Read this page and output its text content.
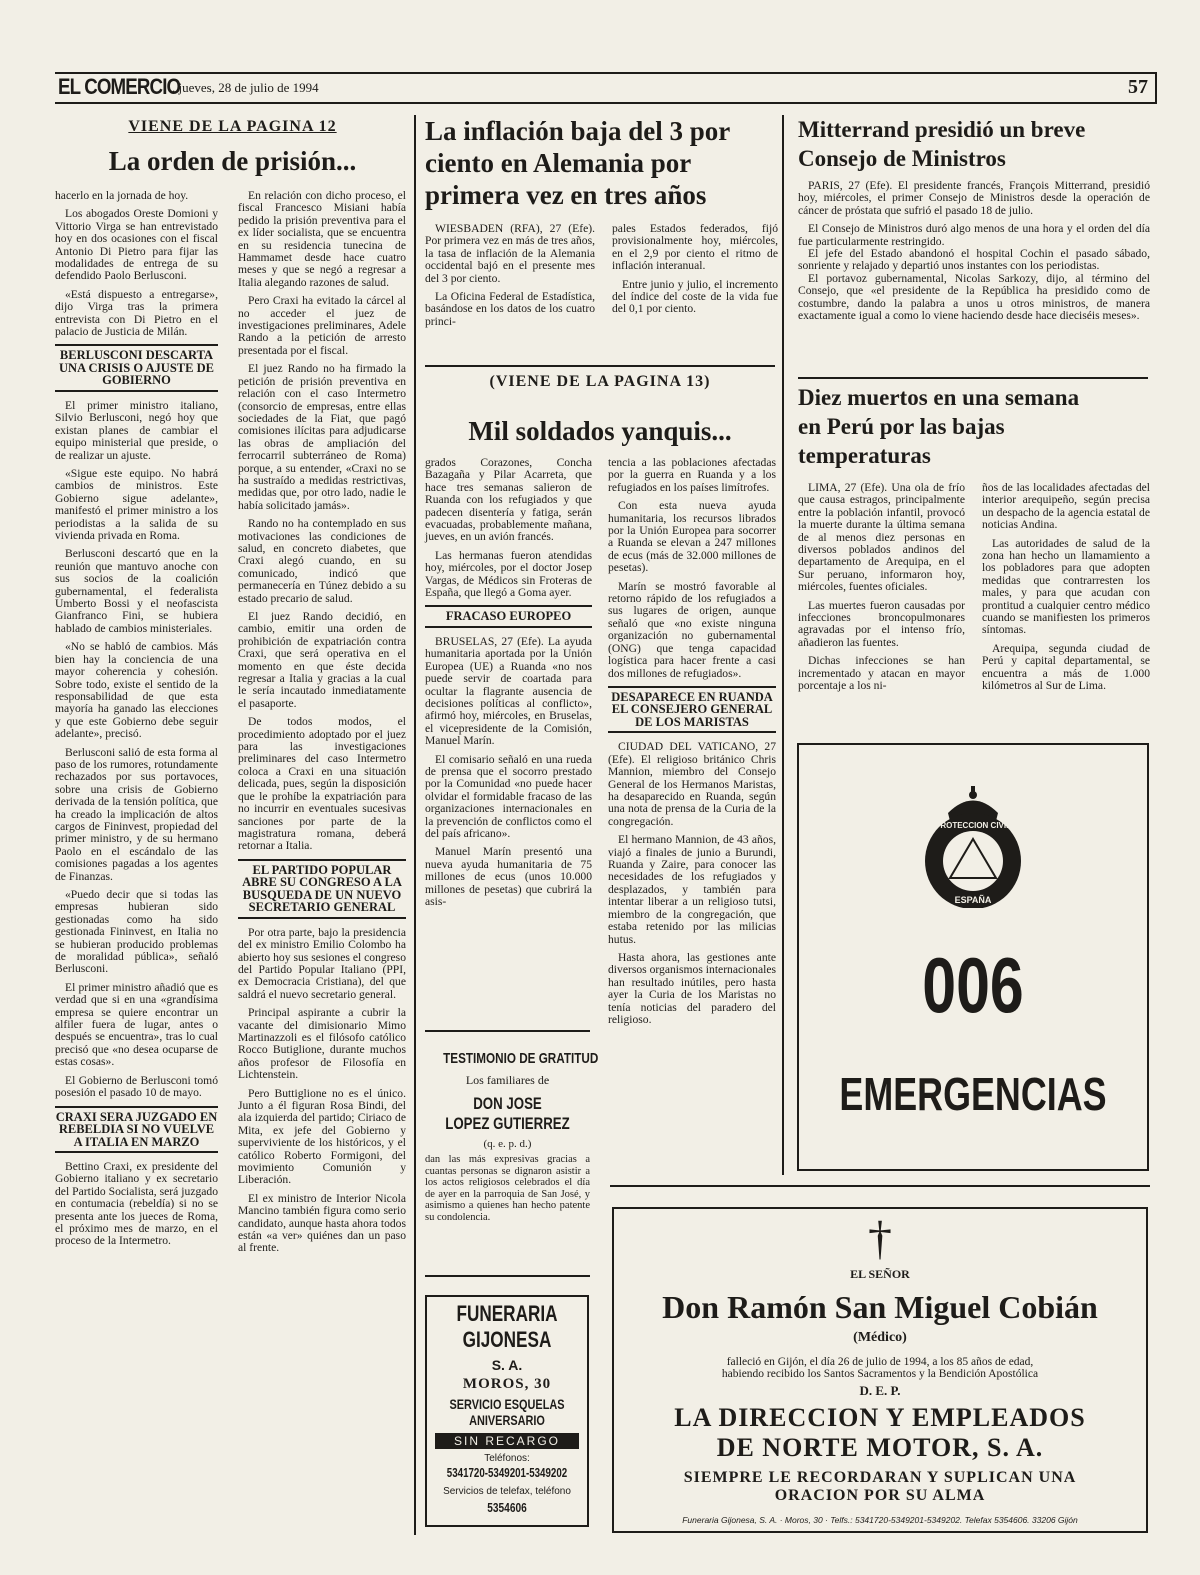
EL COMERCIO
. jueves, 28 de julio de 1994	57
VIENE DE LA PAGINA 12
La orden de prisión...

hacerlo en la jornada de hoy.

Los abogados Oreste Domioni y Vittorio Virga se han entrevistado hoy en dos ocasiones con el fiscal Antonio Di Pietro para fijar las modalidades de entrega de su defendido Paolo Berlusconi.

«Está dispuesto a entregarse», dijo Virga tras la primera entrevista con Di Pietro en el palacio de Justicia de Milán.

BERLUSCONI DESCARTA UNA CRISIS O AJUSTE DE GOBIERNO

El primer ministro italiano, Silvio Berlusconi, negó hoy que existan planes de cambiar el equipo ministerial que preside, o de realizar un ajuste.

«Sigue este equipo. No habrá cambios de ministros. Este Gobierno sigue adelante», manifestó el primer ministro a los periodistas a la salida de su vivienda privada en Roma.

Berlusconi descartó que en la reunión que mantuvo anoche con sus socios de la coalición gubernamental, el federalista Umberto Bossi y el neofascista Gianfranco Fini, se hubiera hablado de cambios ministeriales.

«No se habló de cambios. Más bien hay la conciencia de una mayor coherencia y cohesión. Sobre todo, existe el sentido de la responsabilidad de que esta mayoría ha ganado las elecciones y que este Gobierno debe seguir adelante», precisó.

Berlusconi salió de esta forma al paso de los rumores, rotundamente rechazados por sus portavoces, sobre una crisis de Gobierno derivada de la tensión política, que ha creado la implicación de altos cargos de Fininvest, propiedad del primer ministro, y de su hermano Paolo en el escándalo de las comisiones pagadas a los agentes de Finanzas.

«Puedo decir que si todas las empresas hubieran sido gestionadas como ha sido gestionada Fininvest, en Italia no se hubieran producido problemas de moralidad pública», señaló Berlusconi.

El primer ministro añadió que es verdad que si en una «grandísima empresa se quiere encontrar un alfiler fuera de lugar, antes o después se encuentra», tras lo cual precisó que «no desea ocuparse de estas cosas».

El Gobierno de Berlusconi tomó posesión el pasado 10 de mayo.

CRAXI SERA JUZGADO EN REBELDIA SI NO VUELVE A ITALIA EN MARZO

Bettino Craxi, ex presidente del Gobierno italiano y ex secretario del Partido Socialista, será juzgado en contumacia (rebeldía) si no se presenta ante los jueces de Roma, el próximo mes de marzo, en el proceso de la Intermetro.

En relación con dicho proceso, el fiscal Francesco Misiani había pedido la prisión preventiva para el ex líder socialista, que se encuentra en su residencia tunecina de Hammamet desde hace cuatro meses y que se negó a regresar a Italia alegando razones de salud.

Pero Craxi ha evitado la cárcel al no acceder el juez de investigaciones preliminares, Adele Rando a la petición de arresto presentada por el fiscal.

El juez Rando no ha firmado la petición de prisión preventiva en relación con el caso Intermetro (consorcio de empresas, entre ellas sociedades de la Fiat, que pagó comisiones ilícitas para adjudicarse las obras de ampliación del ferrocarril subterráneo de Roma) porque, a su entender, «Craxi no se ha sustraído a medidas restrictivas, medidas que, por otro lado, nadie le había solicitado jamás».

Rando no ha contemplado en sus motivaciones las condiciones de salud, en concreto diabetes, que Craxi alegó cuando, en su comunicado, indicó que permanecería en Túnez debido a su estado precario de salud.

El juez Rando decidió, en cambio, emitir una orden de prohibición de expatriación contra Craxi, que será operativa en el momento en que éste decida regresar a Italia y gracias a la cual le sería incautado inmediatamente el pasaporte.

De todos modos, el procedimiento adoptado por el juez para las investigaciones preliminares del caso Intermetro coloca a Craxi en una situación delicada, pues, según la disposición que le prohíbe la expatriación para no incurrir en eventuales sucesivas sanciones por parte de la magistratura romana, deberá retornar a Italia.

EL PARTIDO POPULAR ABRE SU CONGRESO A LA BUSQUEDA DE UN NUEVO SECRETARIO GENERAL

Por otra parte, bajo la presidencia del ex ministro Emilio Colombo ha abierto hoy sus sesiones el congreso del Partido Popular Italiano (PPI, ex Democracia Cristiana), del que saldrá el nuevo secretario general.

Principal aspirante a cubrir la vacante del dimisionario Mimo Martinazzoli es el filósofo católico Rocco Butiglione, durante muchos años profesor de Filosofía en Lichtenstein.

Pero Buttiglione no es el único. Junto a él figuran Rosa Bindi, del ala izquierda del partido; Ciriaco de Mita, ex jefe del Gobierno y superviviente de los históricos, y el católico Roberto Formigoni, del movimiento Comunión y Liberación.

El ex ministro de Interior Nicola Mancino también figura como serio candidato, aunque hasta ahora todos están «a ver» quiénes dan un paso al frente.

La inflación baja del 3 por ciento en Alemania por primera vez en tres años

WIESBADEN (RFA), 27 (Efe). Por primera vez en más de tres años, la tasa de inflación de la Alemania occidental bajó en el presente mes del 3 por ciento.

La Oficina Federal de Estadística, basándose en los datos de los cuatro princi-

pales Estados federados, fijó provisionalmente hoy, miércoles, en el 2,9 por ciento el ritmo de inflación interanual.

Entre junio y julio, el incremento del índice del coste de la vida fue del 0,1 por ciento.

(VIENE DE LA PAGINA 13)
Mil soldados yanquis...

grados Corazones, Concha Bazagaña y Pilar Acarreta, que hace tres semanas salieron de Ruanda con los refugiados y que padecen disentería y fatiga, serán evacuadas, probablemente mañana, jueves, en un avión francés.

Las hermanas fueron atendidas hoy, miércoles, por el doctor Josep Vargas, de Médicos sin Froteras de España, que llegó a Goma ayer.

FRACASO EUROPEO

BRUSELAS, 27 (Efe). La ayuda humanitaria aportada por la Unión Europea (UE) a Ruanda «no nos puede servir de coartada para ocultar la flagrante ausencia de decisiones políticas al conflicto», afirmó hoy, miércoles, en Bruselas, el vicepresidente de la Comisión, Manuel Marín.

El comisario señaló en una rueda de prensa que el socorro prestado por la Comunidad «no puede hacer olvidar el formidable fracaso de las organizaciones internacionales en la prevención de conflictos como el del país africano».

Manuel Marín presentó una nueva ayuda humanitaria de 75 millones de ecus (unos 10.000 millones de pesetas) que cubrirá la asis-

tencia a las poblaciones afectadas por la guerra en Ruanda y a los refugiados en los países limítrofes.

Con esta nueva ayuda humanitaria, los recursos librados por la Unión Europea para socorrer a Ruanda se elevan a 247 millones de ecus (más de 32.000 millones de pesetas).

Marín se mostró favorable al retorno rápido de los refugiados a sus lugares de origen, aunque señaló que «no existe ninguna organización no gubernamental (ONG) que tenga capacidad logística para hacer frente a casi dos millones de refugiados».

DESAPARECE EN RUANDA EL CONSEJERO GENERAL DE LOS MARISTAS

CIUDAD DEL VATICANO, 27 (Efe). El religioso británico Chris Mannion, miembro del Consejo General de los Hermanos Maristas, ha desaparecido en Ruanda, según una nota de prensa de la Curia de la congregación.

El hermano Mannion, de 43 años, viajó a finales de junio a Burundi, Ruanda y Zaire, para conocer las necesidades de los refugiados y desplazados, y también para intentar liberar a un religioso tutsi, miembro de la congregación, que estaba retenido por las milicias hutus.

Hasta ahora, las gestiones ante diversos organismos internacionales han resultado inútiles, pero hasta ayer la Curia de los Maristas no tenía noticias del paradero del religioso.

TESTIMONIO DE GRATITUD
Los familiares de
DON JOSE
LOPEZ GUTIERREZ
(q. e. p. d.)
dan las más expresivas gracias a cuantas personas se dignaron asistir a los actos religiosos celebrados el día de ayer en la parroquia de San José, y asimismo a quienes han hecho patente su condolencia.
FUNERARIA
GIJONESA
S. A.
MOROS, 30
SERVICIO ESQUELAS
ANIVERSARIO
SIN RECARGO
Teléfonos:
5341720-5349201-5349202
Servicios de telefax, teléfono
5354606
Mitterrand presidió un breve Consejo de Ministros

PARIS, 27 (Efe). El presidente francés, François Mitterrand, presidió hoy, miércoles, el primer Consejo de Ministros desde la operación de cáncer de próstata que sufrió el pasado 18 de julio.

El Consejo de Ministros duró algo menos de una hora y el orden del día fue particularmente restringido.

El jefe del Estado abandonó el hospital Cochin el pasado sábado, sonriente y relajado y departió unos instantes con los periodistas.

El portavoz gubernamental, Nicolas Sarkozy, dijo, al término del Consejo, que «el presidente de la República ha presidido como de costumbre, dando la palabra a unos u otros ministros, de manera exactamente igual a como lo viene haciendo desde hace dieciséis meses».

Diez muertos en una semana en Perú por las bajas temperaturas

LIMA, 27 (Efe). Una ola de frío que causa estragos, principalmente entre la población infantil, provocó la muerte durante la última semana de al menos diez personas en diversos poblados andinos del departamento de Arequipa, en el Sur peruano, informaron hoy, miércoles, fuentes oficiales.

Las muertes fueron causadas por infecciones broncopulmonares agravadas por el intenso frío, añadieron las fuentes.

Dichas infecciones se han incrementado y atacan en mayor porcentaje a los ni-

ños de las localidades afectadas del interior arequipeño, según precisa un despacho de la agencia estatal de noticias Andina.

Las autoridades de salud de la zona han hecho un llamamiento a los pobladores para que adopten medidas que contrarresten los males, y para que acudan con prontitud a cualquier centro médico cuando se manifiesten los primeros síntomas.

Arequipa, segunda ciudad de Perú y capital departamental, se encuentra a más de 1.000 kilómetros al Sur de Lima.

PROTECCION CIVIL
ESPAÑA
006
EMERGENCIAS
†
EL SEÑOR
Don Ramón San Miguel Cobián
(Médico)
falleció en Gijón, el día 26 de julio de 1994, a los 85 años de edad,
habiendo recibido los Santos Sacramentos y la Bendición Apostólica
D. E. P.
LA DIRECCION Y EMPLEADOS
DE NORTE MOTOR, S. A.
SIEMPRE LE RECORDARAN Y SUPLICAN UNA
ORACION POR SU ALMA
Funeraria Gijonesa, S. A. · Moros, 30 · Telfs.: 5341720-5349201-5349202. Telefax 5354606. 33206 Gijón
